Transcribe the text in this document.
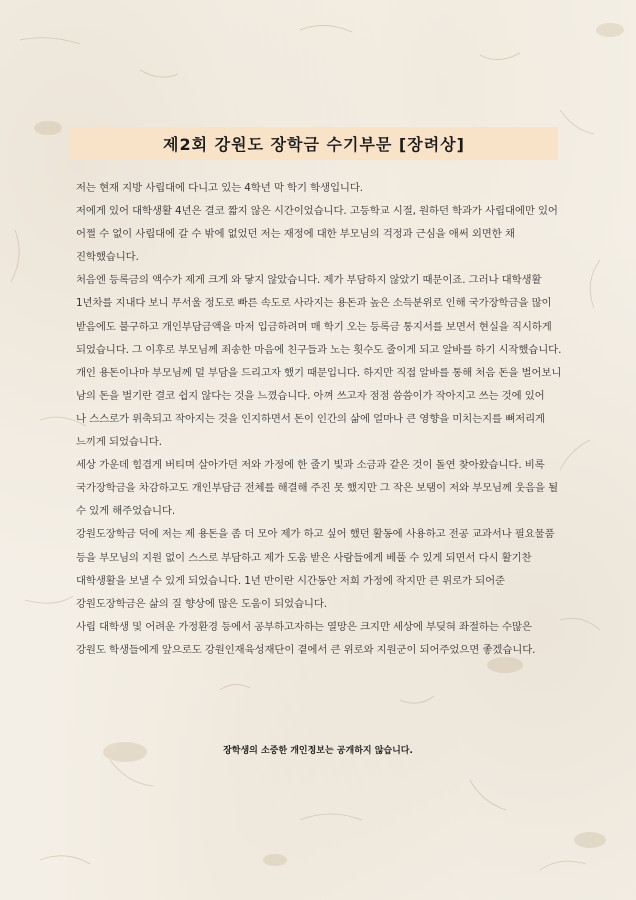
제2회 강원도 장학금 수기부문 [장려상]
저는 현재 지방 사립대에 다니고 있는 4학년 막 학기 학생입니다.
저에게 있어 대학생활 4년은 결코 짧지 않은 시간이었습니다. 고등학교 시절, 원하던 학과가 사립대에만 있어
어쩔 수 없이 사립대에 갈 수 밖에 없었던 저는 재정에 대한 부모님의 걱정과 근심을 애써 외면한 채
진학했습니다.
처음엔 등록금의 액수가 제게 크게 와 닿지 않았습니다. 제가 부담하지 않았기 때문이죠. 그러나 대학생활
1년차를 지내다 보니 무서울 정도로 빠른 속도로 사라지는 용돈과 높은 소득분위로 인해 국가장학금을 많이
받음에도 불구하고 개인부담금액을 마저 입금하려며 매 학기 오는 등록금 통지서를 보면서 현실을 직시하게
되었습니다. 그 이후로 부모님께 죄송한 마음에 친구들과 노는 횟수도 줄이게 되고 알바를 하기 시작했습니다.
개인 용돈이나마 부모님께 덜 부담을 드리고자 했기 때문입니다. 하지만 직접 알바를 통해 처음 돈을 벌어보니
남의 돈을 벌기란 결코 쉽지 않다는 것을 느꼈습니다. 아껴 쓰고자 점점 씀씀이가 작아지고 쓰는 것에 있어
나 스스로가 위축되고 작아지는 것을 인지하면서 돈이 인간의 삶에 얼마나 큰 영향을 미치는지를 뼈저리게
느끼게 되었습니다.
세상 가운데 힘겹게 버티며 살아가던 저와 가정에 한 줄기 빛과 소금과 같은 것이 돌연 찾아왔습니다. 비록
국가장학금을 차감하고도 개인부담금 전체를 해결해 주진 못 했지만 그 작은 보탬이 저와 부모님께 웃음을 될
수 있게 해주었습니다.
강원도장학금 덕에 저는 제 용돈을 좀 더 모아 제가 하고 싶어 했던 활동에 사용하고 전공 교과서나 필요물품
등을 부모님의 지원 없이 스스로 부담하고 제가 도움 받은 사람들에게 베풀 수 있게 되면서 다시 활기찬
대학생활을 보낼 수 있게 되었습니다. 1년 반이란 시간동안 저희 가정에 작지만 큰 위로가 되어준
강원도장학금은 삶의 질 향상에 많은 도움이 되었습니다.
사립 대학생 및 어려운 가정환경 등에서 공부하고자하는 열망은 크지만 세상에 부딪혀 좌절하는 수많은
강원도 학생들에게 앞으로도 강원인재육성재단이 곁에서 큰 위로와 지원군이 되어주었으면 좋겠습니다.
장학생의 소중한 개인정보는 공개하지 않습니다.
